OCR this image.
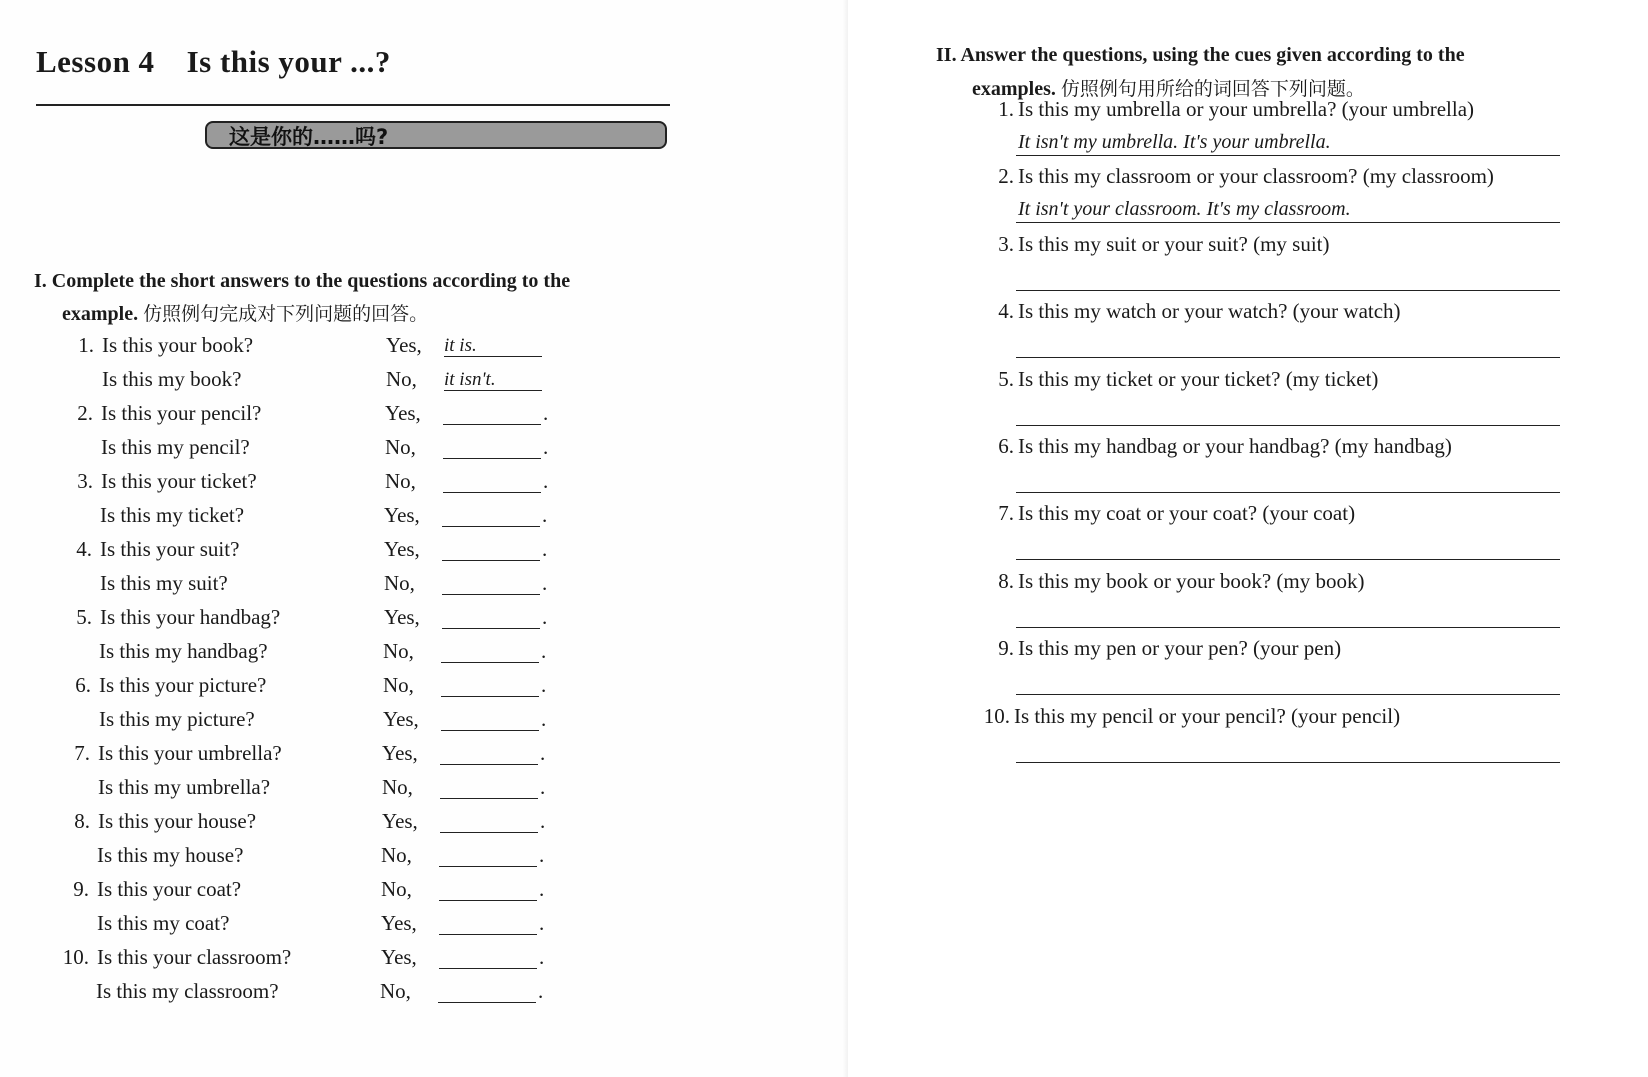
Lesson 4 Is this your ...?
这是你的……吗?
I. Complete the short answers to the questions according to the
example. 仿照例句完成对下列问题的回答。
1. Is this your book?	Yes, it is.
Is this my book?	No, it isn't.
2. Is this your pencil?	Yes,	.
Is this my pencil?	No,	.
3. Is this your ticket?	No,	.
Is this my ticket?	Yes,	.
4. Is this your suit?	Yes,	.
Is this my suit?	No,	.
5. Is this your handbag?	Yes,	.
Is this my handbag?	No,	.
6. Is this your picture?	No,	.
Is this my picture?	Yes,	.
7. Is this your umbrella?	Yes,	.
Is this my umbrella?	No,	.
8. Is this your house?	Yes,	.
Is this my house?	No,	.
9. Is this your coat?	No,	.
Is this my coat?	Yes,	.
10. Is this your classroom?	Yes,	.
Is this my classroom?	No,	.
II. Answer the questions, using the cues given according to the
examples. 仿照例句用所给的词回答下列问题。
1. Is this my umbrella or your umbrella? (your umbrella)
It isn't my umbrella. It's your umbrella.
2. Is this my classroom or your classroom? (my classroom)
It isn't your classroom. It's my classroom.
3. Is this my suit or your suit? (my suit)
4. Is this my watch or your watch? (your watch)
5. Is this my ticket or your ticket? (my ticket)
6. Is this my handbag or your handbag? (my handbag)
7. Is this my coat or your coat? (your coat)
8. Is this my book or your book? (my book)
9. Is this my pen or your pen? (your pen)
10. Is this my pencil or your pencil? (your pencil)
